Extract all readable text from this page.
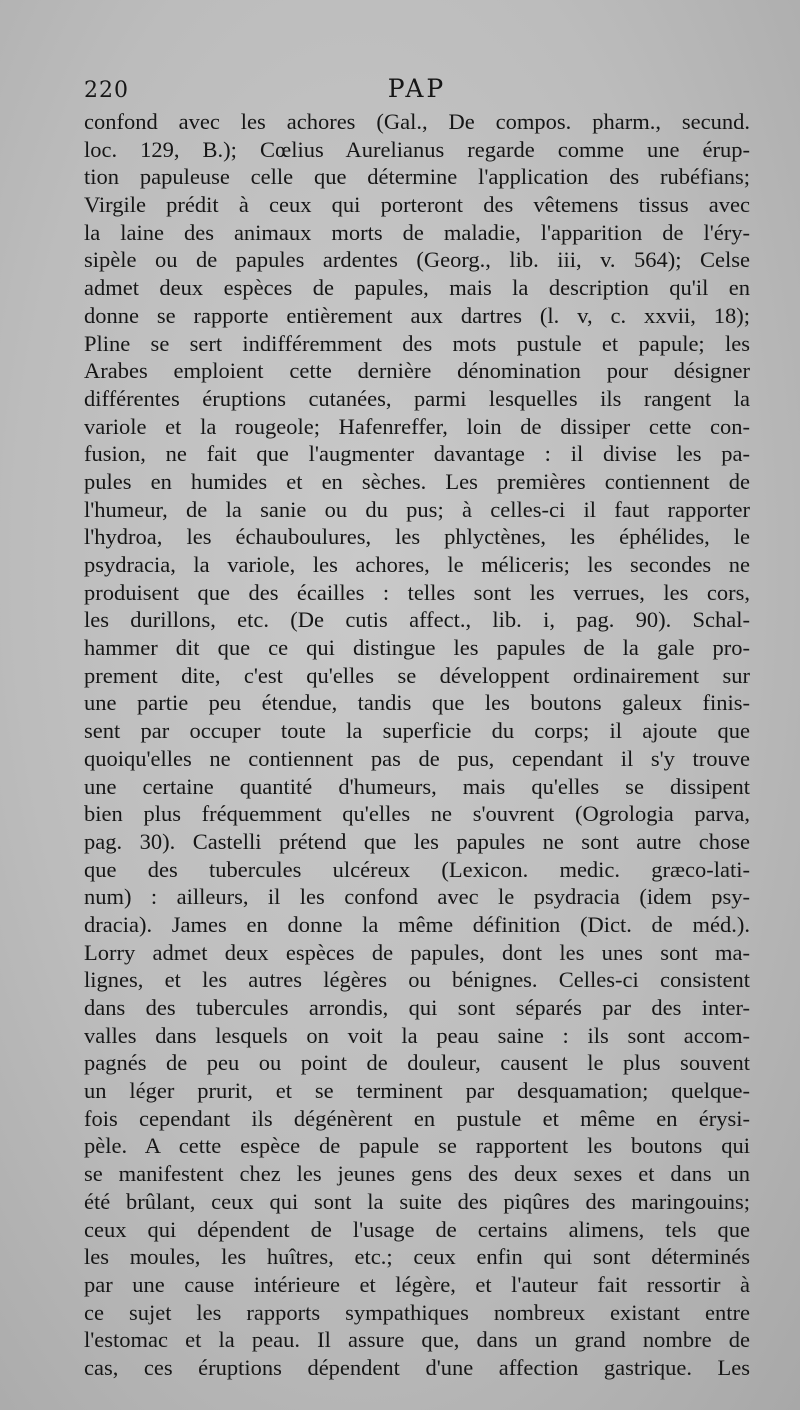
220	PAP
confond avec les achores (Gal., De compos. pharm., secund.
loc. 129, B.); Cœlius Aurelianus regarde comme une érup-
tion papuleuse celle que détermine l'application des rubéfians;
Virgile prédit à ceux qui porteront des vêtemens tissus avec
la laine des animaux morts de maladie, l'apparition de l'éry-
sipèle ou de papules ardentes (Georg., lib. iii, v. 564); Celse
admet deux espèces de papules, mais la description qu'il en
donne se rapporte entièrement aux dartres (l. v, c. xxvii, 18);
Pline se sert indifféremment des mots pustule et papule; les
Arabes emploient cette dernière dénomination pour désigner
différentes éruptions cutanées, parmi lesquelles ils rangent la
variole et la rougeole; Hafenreffer, loin de dissiper cette con-
fusion, ne fait que l'augmenter davantage : il divise les pa-
pules en humides et en sèches. Les premières contiennent de
l'humeur, de la sanie ou du pus; à celles-ci il faut rapporter
l'hydroa, les échauboulures, les phlyctènes, les éphélides, le
psydracia, la variole, les achores, le méliceris; les secondes ne
produisent que des écailles : telles sont les verrues, les cors,
les durillons, etc. (De cutis affect., lib. i, pag. 90). Schal-
hammer dit que ce qui distingue les papules de la gale pro-
prement dite, c'est qu'elles se développent ordinairement sur
une partie peu étendue, tandis que les boutons galeux finis-
sent par occuper toute la superficie du corps; il ajoute que
quoiqu'elles ne contiennent pas de pus, cependant il s'y trouve
une certaine quantité d'humeurs, mais qu'elles se dissipent
bien plus fréquemment qu'elles ne s'ouvrent (Ogrologia parva,
pag. 30). Castelli prétend que les papules ne sont autre chose
que des tubercules ulcéreux (Lexicon. medic. græco-lati-
num) : ailleurs, il les confond avec le psydracia (idem psy-
dracia). James en donne la même définition (Dict. de méd.).
Lorry admet deux espèces de papules, dont les unes sont ma-
lignes, et les autres légères ou bénignes. Celles-ci consistent
dans des tubercules arrondis, qui sont séparés par des inter-
valles dans lesquels on voit la peau saine : ils sont accom-
pagnés de peu ou point de douleur, causent le plus souvent
un léger prurit, et se terminent par desquamation; quelque-
fois cependant ils dégénèrent en pustule et même en érysi-
pèle. A cette espèce de papule se rapportent les boutons qui
se manifestent chez les jeunes gens des deux sexes et dans un
été brûlant, ceux qui sont la suite des piqûres des maringouins;
ceux qui dépendent de l'usage de certains alimens, tels que
les moules, les huîtres, etc.; ceux enfin qui sont déterminés
par une cause intérieure et légère, et l'auteur fait ressortir à
ce sujet les rapports sympathiques nombreux existant entre
l'estomac et la peau. Il assure que, dans un grand nombre de
cas, ces éruptions dépendent d'une affection gastrique. Les
